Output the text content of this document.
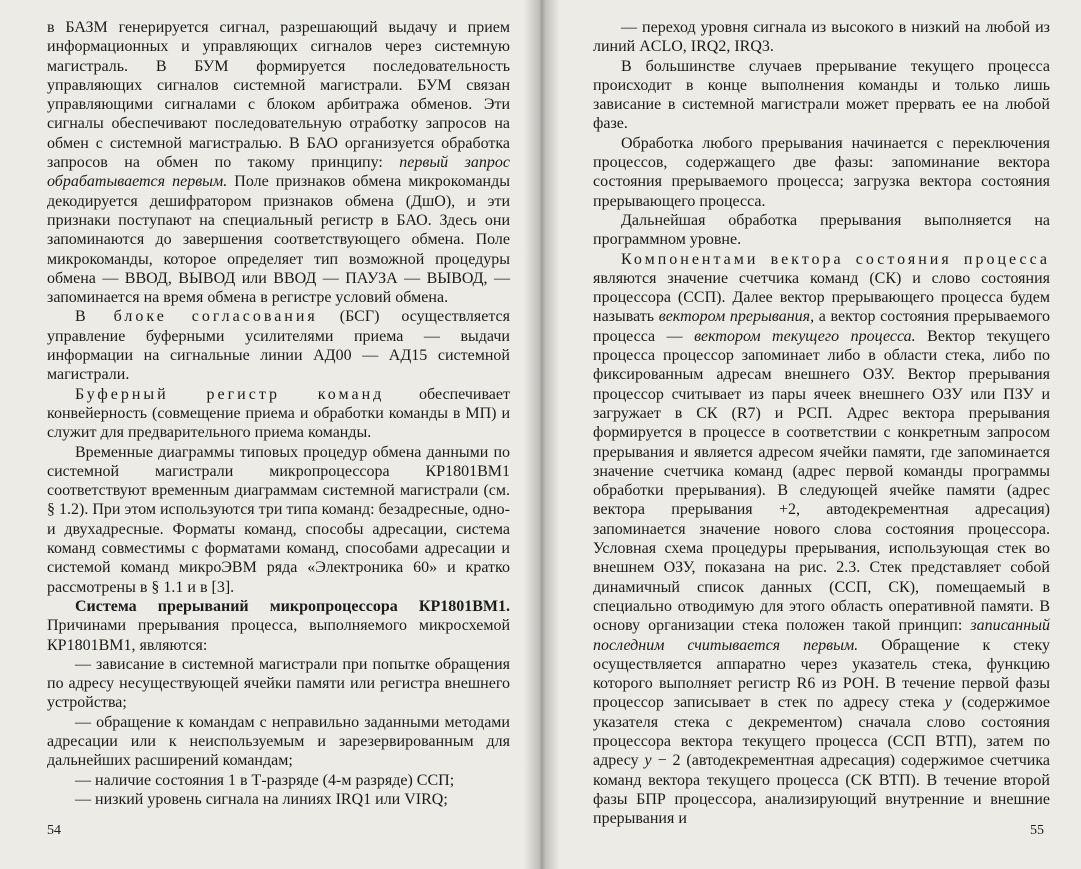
в БАЗМ генерируется сигнал, разрешающий выдачу и прием информационных и управляющих сигналов через системную магистраль. В БУМ формируется последовательность управляющих сигналов системной магистрали. БУМ связан управляющими сигналами с блоком арбитража обменов. Эти сигналы обеспечивают последовательную отработку запросов на обмен с системной магистралью. В БАО организуется обработка запросов на обмен по такому принципу: первый запрос обрабатывается первым. Поле признаков обмена микрокоманды декодируется дешифратором признаков обмена (ДшО), и эти признаки поступают на специальный регистр в БАО. Здесь они запоминаются до завершения соответствующего обмена. Поле микрокоманды, которое определяет тип возможной процедуры обмена — ВВОД, ВЫВОД или ВВОД — ПАУЗА — ВЫВОД, — запоминается на время обмена в регистре условий обмена.

В блоке согласования (БСГ) осуществляется управление буферными усилителями приема — выдачи информации на сигнальные линии АД00 — АД15 системной магистрали.

Буферный регистр команд обеспечивает конвейерность (совмещение приема и обработки команды в МП) и служит для предварительного приема команды.

Временные диаграммы типовых процедур обмена данными по системной магистрали микропроцессора КР1801ВМ1 соответствуют временным диаграммам системной магистрали (см. § 1.2). При этом используются три типа команд: безадресные, одно- и двухадресные. Форматы команд, способы адресации, система команд совместимы с форматами команд, способами адресации и системой команд микроЭВМ ряда «Электроника 60» и кратко рассмотрены в § 1.1 и в [3].

Система прерываний микропроцессора КР1801ВМ1. Причинами прерывания процесса, выполняемого микросхемой КР1801ВМ1, являются:

— зависание в системной магистрали при попытке обращения по адресу несуществующей ячейки памяти или регистра внешнего устройства;

— обращение к командам с неправильно заданными методами адресации или к неиспользуемым и зарезервированным для дальнейших расширений командам;

— наличие состояния 1 в Т-разряде (4-м разряде) ССП;

— низкий уровень сигнала на линиях IRQ1 или VIRQ;

— переход уровня сигнала из высокого в низкий на любой из линий ACLO, IRQ2, IRQ3.

В большинстве случаев прерывание текущего процесса происходит в конце выполнения команды и только лишь зависание в системной магистрали может прервать ее на любой фазе.

Обработка любого прерывания начинается с переключения процессов, содержащего две фазы: запоминание вектора состояния прерываемого процесса; загрузка вектора состояния прерывающего процесса.

Дальнейшая обработка прерывания выполняется на программном уровне.

Компонентами вектора состояния процесса являются значение счетчика команд (СК) и слово состояния процессора (ССП). Далее вектор прерывающего процесса будем называть вектором прерывания, а вектор состояния прерываемого процесса — вектором текущего процесса. Вектор текущего процесса процессор запоминает либо в области стека, либо по фиксированным адресам внешнего ОЗУ. Вектор прерывания процессор считывает из пары ячеек внешнего ОЗУ или ПЗУ и загружает в СК (R7) и РСП. Адрес вектора прерывания формируется в процессе в соответствии с конкретным запросом прерывания и является адресом ячейки памяти, где запоминается значение счетчика команд (адрес первой команды программы обработки прерывания). В следующей ячейке памяти (адрес вектора прерывания +2, автодекрементная адресация) запоминается значение нового слова состояния процессора. Условная схема процедуры прерывания, использующая стек во внешнем ОЗУ, показана на рис. 2.3. Стек представляет собой динамичный список данных (ССП, СК), помещаемый в специально отводимую для этого область оперативной памяти. В основу организации стека положен такой принцип: записанный последним считывается первым. Обращение к стеку осуществляется аппаратно через указатель стека, функцию которого выполняет регистр R6 из РОН. В течение первой фазы процессор записывает в стек по адресу стека y (содержимое указателя стека с декрементом) сначала слово состояния процессора вектора текущего процесса (ССП ВТП), затем по адресу y − 2 (автодекрементная адресация) содержимое счетчика команд вектора текущего процесса (СК ВТП). В течение второй фазы БПР процессора, анализирующий внутренние и внешние прерывания и

54	55
